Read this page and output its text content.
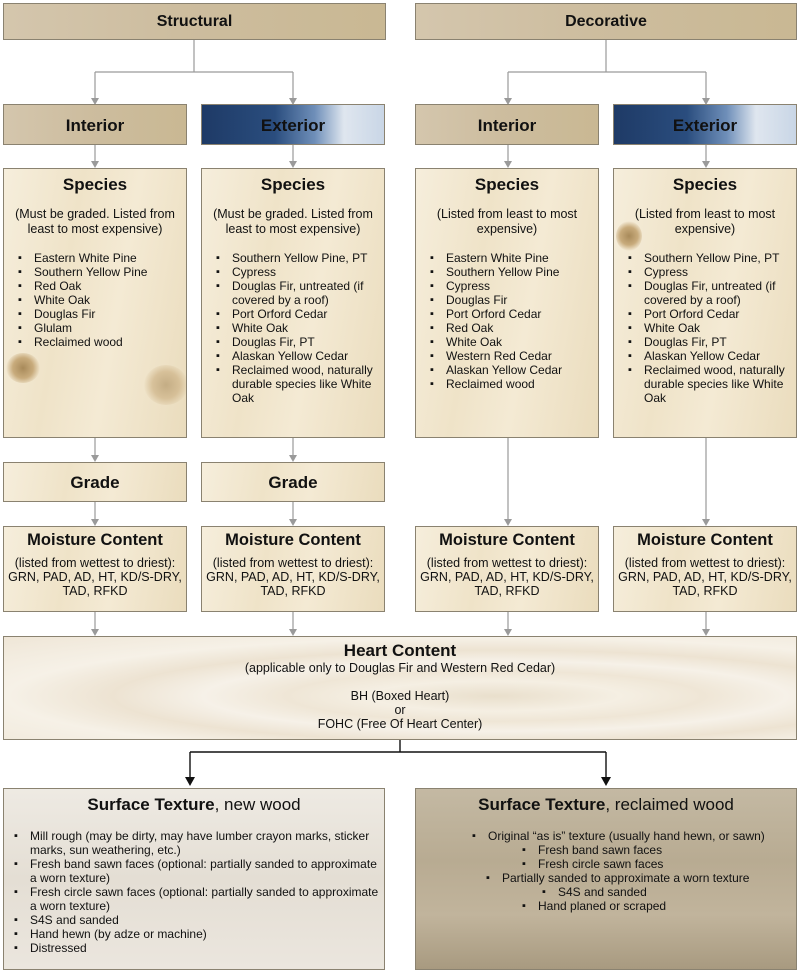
Structural	Decorative
Interior	Exterior	Interior	Exterior
Species
(Must be graded. Listed from least to most expensive)
▪ Eastern White Pine
▪ Southern Yellow Pine
▪ Red Oak
▪ White Oak
▪ Douglas Fir
▪ Glulam
▪ Reclaimed wood
Species
(Must be graded. Listed from least to most expensive)
▪ Southern Yellow Pine, PT
▪ Cypress
▪ Douglas Fir, untreated (if covered by a roof)
▪ Port Orford Cedar
▪ White Oak
▪ Douglas Fir, PT
▪ Alaskan Yellow Cedar
▪ Reclaimed wood, naturally durable species like White Oak
Species
(Listed from least to most expensive)
▪ Eastern White Pine
▪ Southern Yellow Pine
▪ Cypress
▪ Douglas Fir
▪ Port Orford Cedar
▪ Red Oak
▪ White Oak
▪ Western Red Cedar
▪ Alaskan Yellow Cedar
▪ Reclaimed wood
Species
(Listed from least to most expensive)
▪ Southern Yellow Pine, PT
▪ Cypress
▪ Douglas Fir, untreated (if covered by a roof)
▪ Port Orford Cedar
▪ White Oak
▪ Douglas Fir, PT
▪ Alaskan Yellow Cedar
▪ Reclaimed wood, naturally durable species like White Oak
Grade	Grade
Moisture Content
(listed from wettest to driest): GRN, PAD, AD, HT, KD/S-DRY, TAD, RFKD
Moisture Content
(listed from wettest to driest): GRN, PAD, AD, HT, KD/S-DRY, TAD, RFKD
Moisture Content
(listed from wettest to driest): GRN, PAD, AD, HT, KD/S-DRY, TAD, RFKD
Moisture Content
(listed from wettest to driest): GRN, PAD, AD, HT, KD/S-DRY, TAD, RFKD
Heart Content
(applicable only to Douglas Fir and Western Red Cedar)
BH (Boxed Heart)
or
FOHC (Free Of Heart Center)
Surface Texture, new wood
▪ Mill rough (may be dirty, may have lumber crayon marks, sticker marks, sun weathering, etc.)
▪ Fresh band sawn faces (optional: partially sanded to approximate a worn texture)
▪ Fresh circle sawn faces (optional: partially sanded to approximate a worn texture)
▪ S4S and sanded
▪ Hand hewn (by adze or machine)
▪ Distressed
Surface Texture, reclaimed wood
▪ Original “as is” texture (usually hand hewn, or sawn)
▪ Fresh band sawn faces
▪ Fresh circle sawn faces
▪ Partially sanded to approximate a worn texture
▪ S4S and sanded
▪ Hand planed or scraped
